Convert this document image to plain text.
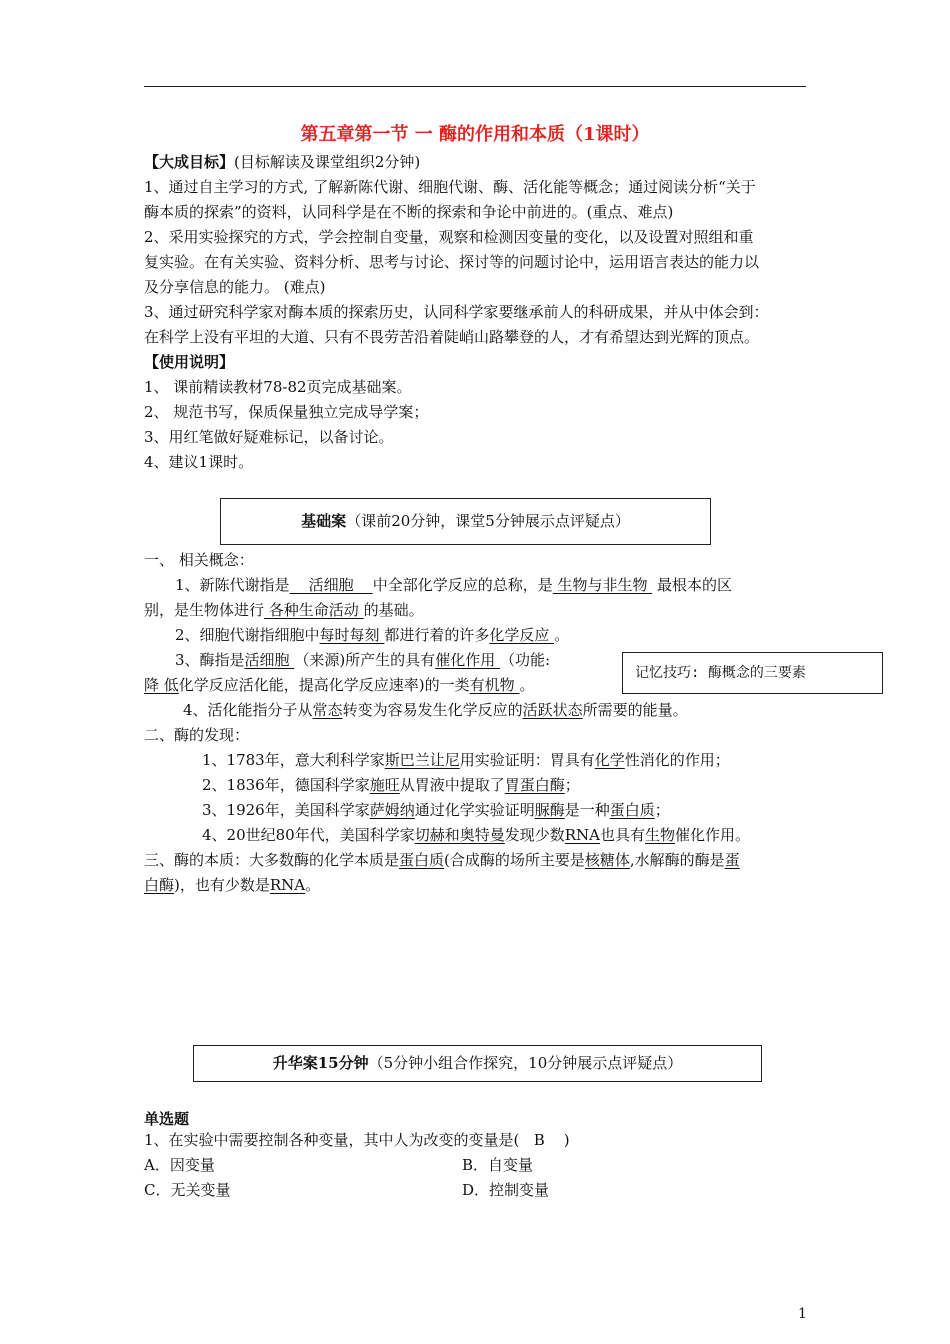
第五章第一节 一 酶的作用和本质（1课时）
【大成目标】(目标解读及课堂组织2分钟)
1、通过自主学习的方式, 了解新陈代谢、细胞代谢、酶、活化能等概念；通过阅读分析“关于
酶本质的探索”的资料，认同科学是在不断的探索和争论中前进的。(重点、难点)
2、采用实验探究的方式，学会控制自变量，观察和检测因变量的变化，以及设置对照组和重
复实验。在有关实验、资料分析、思考与讨论、探讨等的问题讨论中，运用语言表达的能力以
及分享信息的能力。 (难点)
3、通过研究科学家对酶本质的探索历史，认同科学家要继承前人的科研成果，并从中体会到：
在科学上没有平坦的大道、只有不畏劳苦沿着陡峭山路攀登的人，才有希望达到光辉的顶点。
【使用说明】
1、 课前精读教材78-82页完成基础案。
2、 规范书写，保质保量独立完成导学案；
3、用红笔做好疑难标记，以备讨论。
4、建议1课时。
基础案 （课前20分钟，课堂5分钟展示点评疑点）
一、 相关概念：
1、新陈代谢指是    活细胞    中全部化学反应的总称，是 生物与非生物  最根本的区
别，是生物体进行 各种生命活动 的基础。
2、细胞代谢指细胞中每时每刻 都进行着的许多化学反应 。
3、酶指是活细胞 （来源)所产生的具有催化作用 （功能:
降 低化学反应活化能，提高化学反应速率)的一类有机物 。
记忆技巧: 酶概念的三要素
4、活化能指分子从常态转变为容易发生化学反应的活跃状态所需要的能量。
二、酶的发现：
1、1783年，意大利科学家斯巴兰让尼用实验证明：胃具有化学性消化的作用；
2、1836年，德国科学家施旺从胃液中提取了胃蛋白酶；
3、1926年，美国科学家萨姆纳通过化学实验证明脲酶是一种蛋白质；
4、20世纪80年代，美国科学家切赫和奥特曼发现少数RNA也具有生物催化作用。
三、酶的本质：大多数酶的化学本质是蛋白质(合成酶的场所主要是核糖体,水解酶的酶是蛋
白酶)，也有少数是RNA。
升华案15分钟 （5分钟小组合作探究，10分钟展示点评疑点）
单选题
1、在实验中需要控制各种变量，其中人为改变的变量是(   B    )
A．因变量	B．自变量
C．无关变量	D．控制变量
1
